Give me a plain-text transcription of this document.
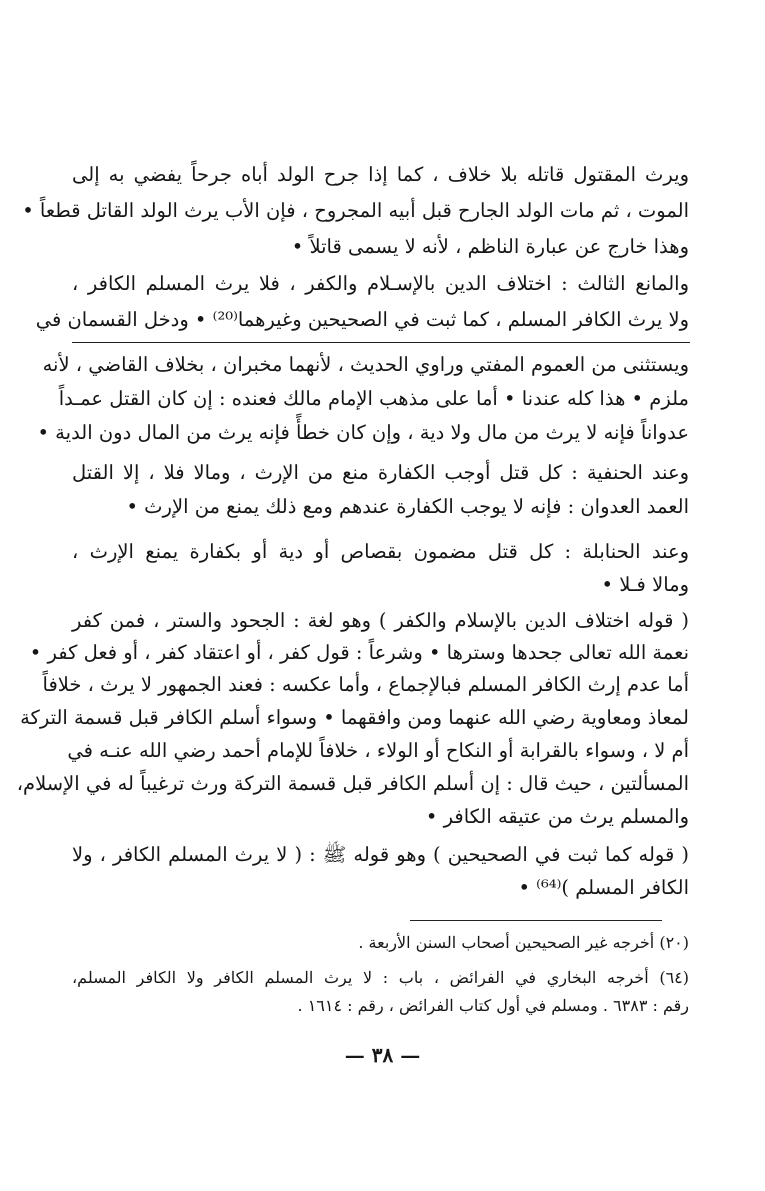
ويرث المقتول قاتله بلا خلاف ، كما إذا جرح الولد أباه جرحاً يفضي به إلى
الموت ، ثم مات الولد الجارح قبل أبيه المجروح ، فإن الأب يرث الولد القاتل قطعاً •
وهذا خارج عن عبارة الناظم ، لأنه لا يسمى قاتلاً •
والمانع الثالث : اختلاف الدين بالإسـلام والكفر ، فلا يرث المسلم الكافر ،
ولا يرث الكافر المسلم ، كما ثبت في الصحيحين وغيرهما⁽²⁰⁾ • ودخل القسمان في
ويستثنى من العموم المفتي وراوي الحديث ، لأنهما مخبران ، بخلاف القاضي ، لأنه
ملزم • هذا كله عندنا • أما على مذهب الإمام مالك فعنده : إن كان القتل عمـداً
عدواناً فإنه لا يرث من مال ولا دية ، وإن كان خطأً فإنه يرث من المال دون الدية •
وعند الحنفية : كل قتل أوجب الكفارة منع من الإرث ، ومالا فلا ، إلا القتل
العمد العدوان : فإنه لا يوجب الكفارة عندهم ومع ذلك يمنع من الإرث •
وعند الحنابلة : كل قتل مضمون بقصاص أو دية أو بكفارة يمنع الإرث ،
ومالا فـلا •
( قوله اختلاف الدين بالإسلام والكفر ) وهو لغة : الجحود والستر ، فمن كفر
نعمة الله تعالى جحدها وسترها • وشرعاً : قول كفر ، أو اعتقاد كفر ، أو فعل كفر •
أما عدم إرث الكافر المسلم فبالإجماع ، وأما عكسه : فعند الجمهور لا يرث ، خلافاً
لمعاذ ومعاوية رضي الله عنهما ومن وافقهما • وسواء أسلم الكافر قبل قسمة التركة
أم لا ، وسواء بالقرابة أو النكاح أو الولاء ، خلافاً للإمام أحمد رضي الله عنـه في
المسألتين ، حيث قال : إن أسلم الكافر قبل قسمة التركة ورث ترغيباً له في الإسلام،
والمسلم يرث من عتيقه الكافر •
( قوله كما ثبت في الصحيحين ) وهو قوله ﷺ : ( لا يرث المسلم الكافر ، ولا
الكافر المسلم )⁽⁶⁴⁾ •
(٢٠) أخرجه غير الصحيحين أصحاب السنن الأربعة .
(٦٤) أخرجه البخاري في الفرائض ، باب : لا يرث المسلم الكافر ولا الكافر المسلم،
رقم : ٦٣٨٣ . ومسلم في أول كتاب الفرائض ، رقم : ١٦١٤ .
— ٣٨ —
